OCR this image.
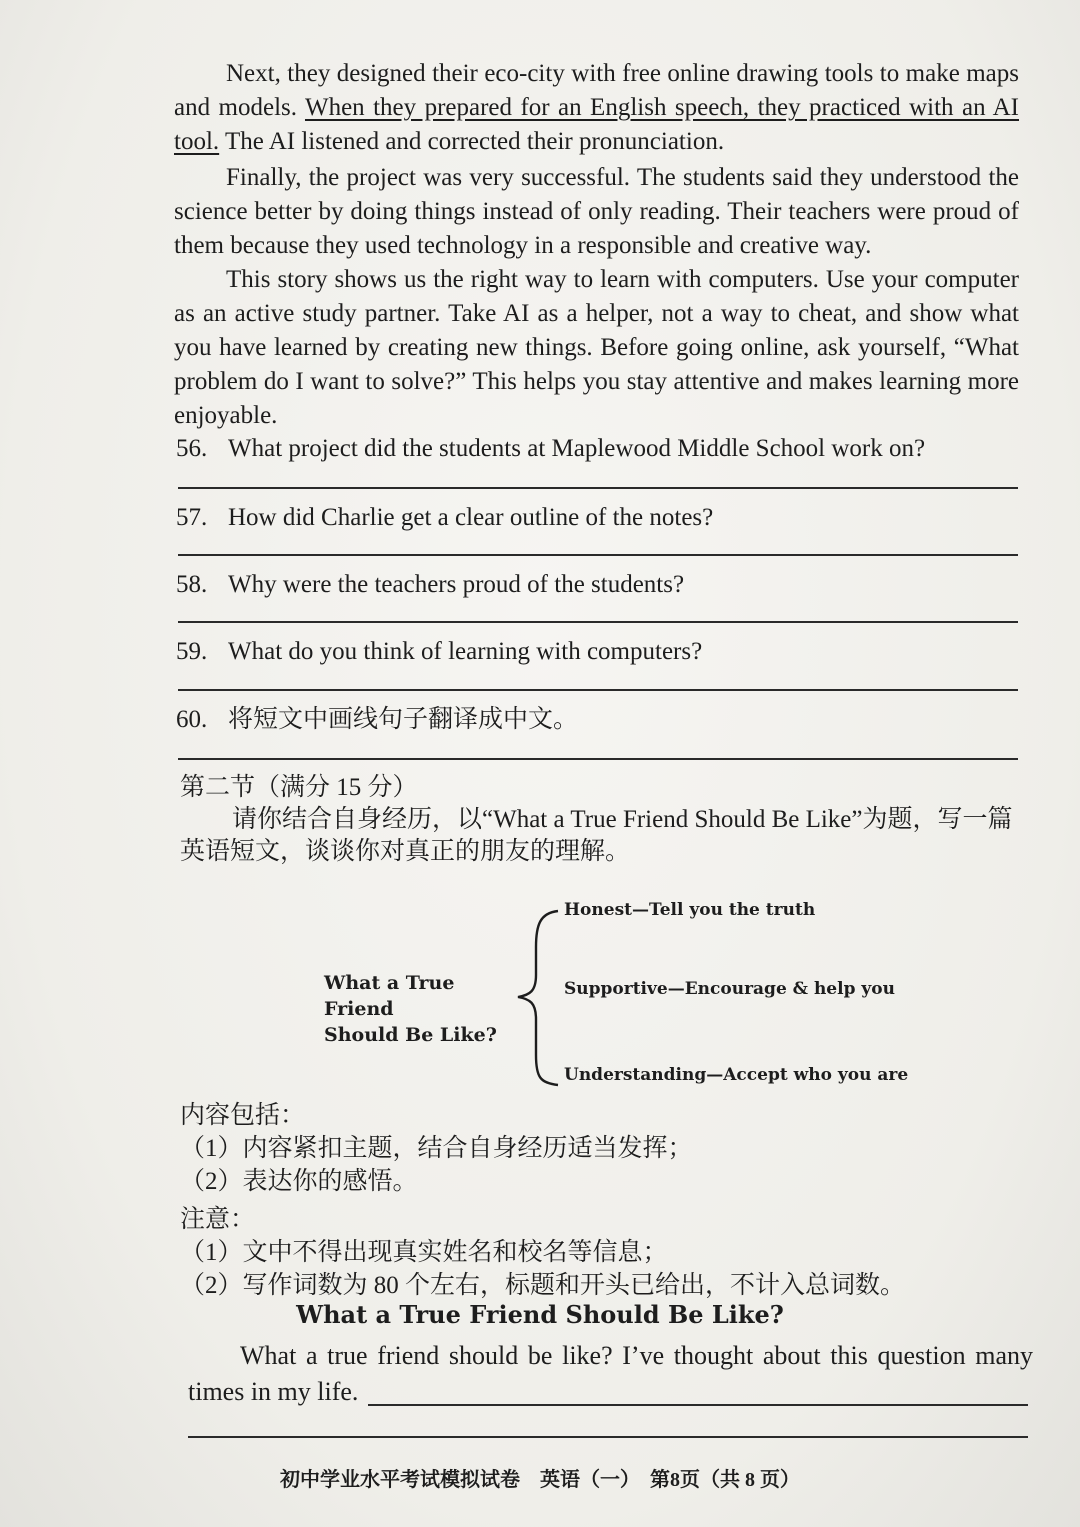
Next, they designed their eco-city with free online drawing tools to make maps and models. When they prepared for an English speech, they practiced with an AI tool. The AI listened and corrected their pronunciation.

Finally, the project was very successful. The students said they understood the science better by doing things instead of only reading. Their teachers were proud of them because they used technology in a responsible and creative way.

This story shows us the right way to learn with computers. Use your computer as an active study partner. Take AI as a helper, not a way to cheat, and show what you have learned by creating new things. Before going online, ask yourself, “What problem do I want to solve?” This helps you stay attentive and makes learning more enjoyable.

56. What project did the students at Maplewood Middle School work on?

57. How did Charlie get a clear outline of the notes?

58. Why were the teachers proud of the students?

59. What do you think of learning with computers?

60. 将短文中画线句子翻译成中文。

第二节（满分 15 分）

请你结合自身经历，以“What a True Friend Should Be Like”为题，写一篇英语短文，谈谈你对真正的朋友的理解。

What a True Friend
Should Be Like?
Honest—Tell you the truth
Supportive—Encourage & help you
Understanding—Accept who you are

内容包括：

（1）内容紧扣主题，结合自身经历适当发挥；

（2）表达你的感悟。

注意：

（1）文中不得出现真实姓名和校名等信息；

（2）写作词数为 80 个左右，标题和开头已给出，不计入总词数。

What a True Friend Should Be Like?

What a true friend should be like? I’ve thought about this question many times in my life.

初中学业水平考试模拟试卷　英语（一）　第8页（共 8 页）
